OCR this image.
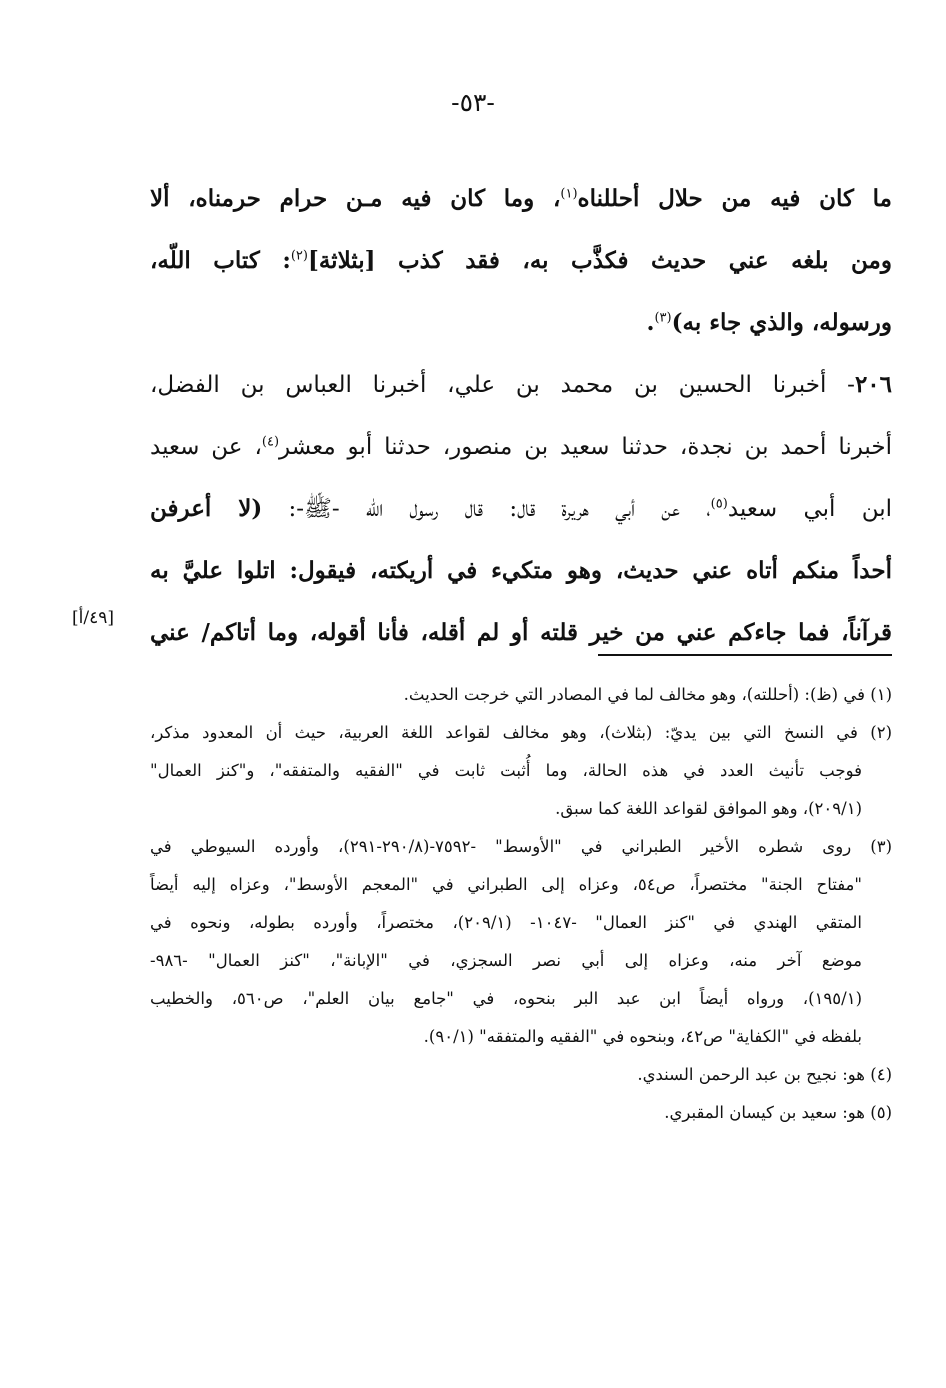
-٥٣-
ما كان فيه من حلال أحللناه$^{(١)}$، وما كان فيه مـن حرام حرمناه، ألا
ومن بلغه عني حديث فكذَّب به، فقد كذب [بثلاثة]$^{(٢)}$: كتاب اللّه،
ورسوله، والذي جاء به)$^{(٣)}$.
٢٠٦- أخبرنا الحسين بن محمد بن علي، أخبرنا العباس بن الفضل،
أخبرنا أحمد بن نجدة، حدثنا سعيد بن منصور، حدثنا أبو معشر$^{(٤)}$، عن سعيد
ابن أبي سعيد$^{(٥)}$، عن أبي هريرة قال: قال رسول اللّه -ﷺ-: (لا أعرفن
أحداً منكم أتاه عني حديث، وهو متكيء في أريكته، فيقول: اتلوا عليَّ به
قرآناً، فما جاءكم عني من خير قلته أو لم أقله، فأنا أقوله، وما أتاكم/ عني
[٤٩/أ]
(١) في (ظ): (أحللته)، وهو مخالف لما في المصادر التي خرجت الحديث.
(٢) في النسخ التي بين يديّ: (بثلاث)، وهو مخالف لقواعد اللغة العربية، حيث أن المعدود مذكر،
فوجب تأنيث العدد في هذه الحالة، وما أُثبت ثابت في "الفقيه والمتفقه"، و"كنز العمال"
(٢٠٩/١)، وهو الموافق لقواعد اللغة كما سبق.
(٣) روى شطره الأخير الطبراني في "الأوسط" -٧٥٩٢-(٢٩٠/٨-٢٩١)، وأورده السيوطي في
"مفتاح الجنة" مختصراً، ص٥٤، وعزاه إلى الطبراني في "المعجم الأوسط"، وعزاه إليه أيضاً
المتقي الهندي في "كنز العمال" -١٠٤٧- (٢٠٩/١)، مختصراً، وأورده بطوله، ونحوه في
موضع آخر منه، وعزاه إلى أبي نصر السجزي، في "الإبانة"، "كنز العمال" -٩٨٦-
(١٩٥/١)، ورواه أيضاً ابن عبد البر بنحوه، في "جامع بيان العلم"، ص٥٦٠، والخطيب
بلفظه في "الكفاية" ص٤٢، وبنحوه في "الفقيه والمتفقه" (٩٠/١).
(٤) هو: نجيح بن عبد الرحمن السندي.
(٥) هو: سعيد بن كيسان المقبري.
